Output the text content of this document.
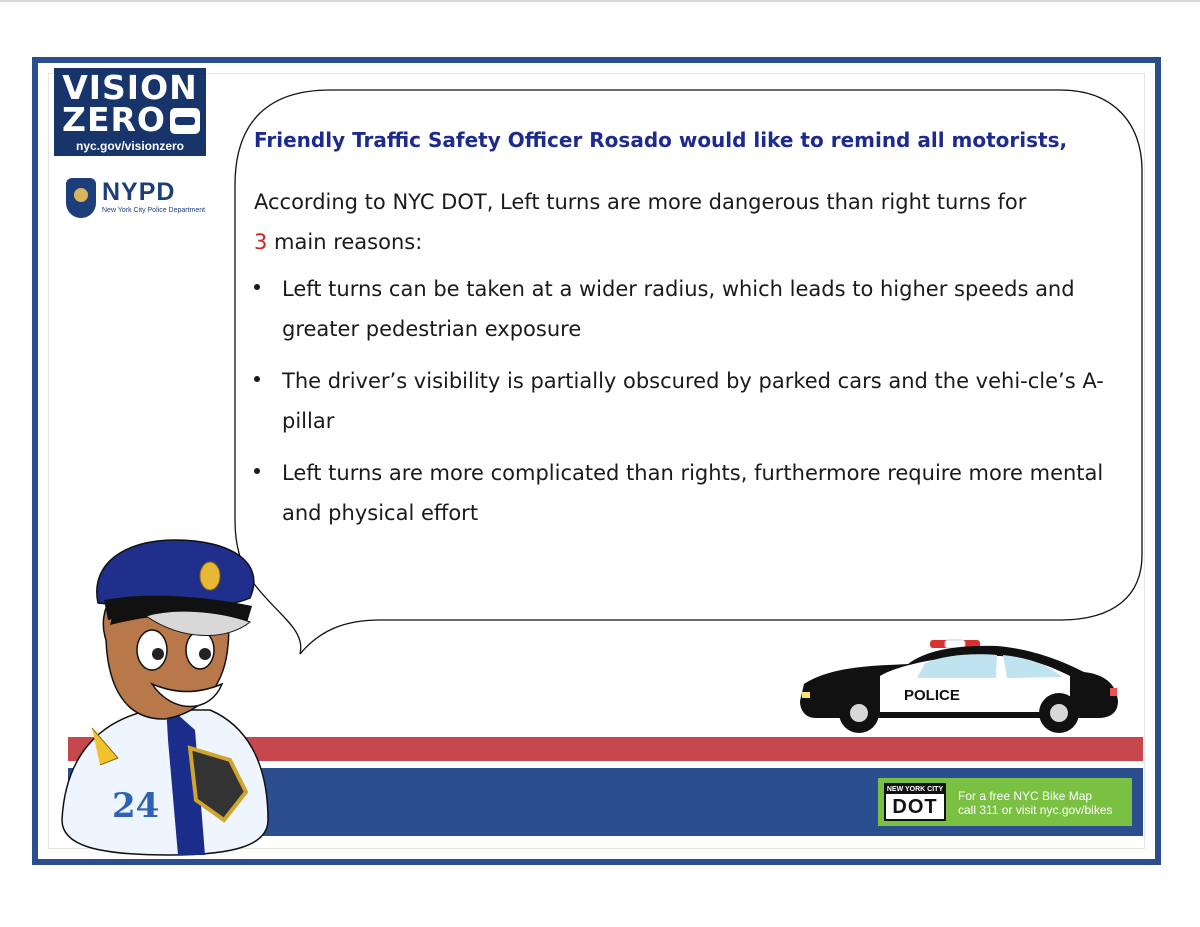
VISION
ZERO
nyc.gov/visionzero
NYPD
New York City Police Department
Friendly Traffic Safety Officer Rosado would like to remind all motorists,
According to NYC DOT, Left turns are more dangerous than right turns for
3 main reasons:
Left turns can be taken at a wider radius, which leads to higher speeds and greater pedestrian exposure
The driver’s visibility is partially obscured by parked cars and the vehi-cle’s A-pillar
Left turns are more complicated than rights, furthermore require more mental and physical effort
24
POLICE
NEW YORK CITY
DOT	For a free NYC Bike Map
call 311 or visit nyc.gov/bikes
